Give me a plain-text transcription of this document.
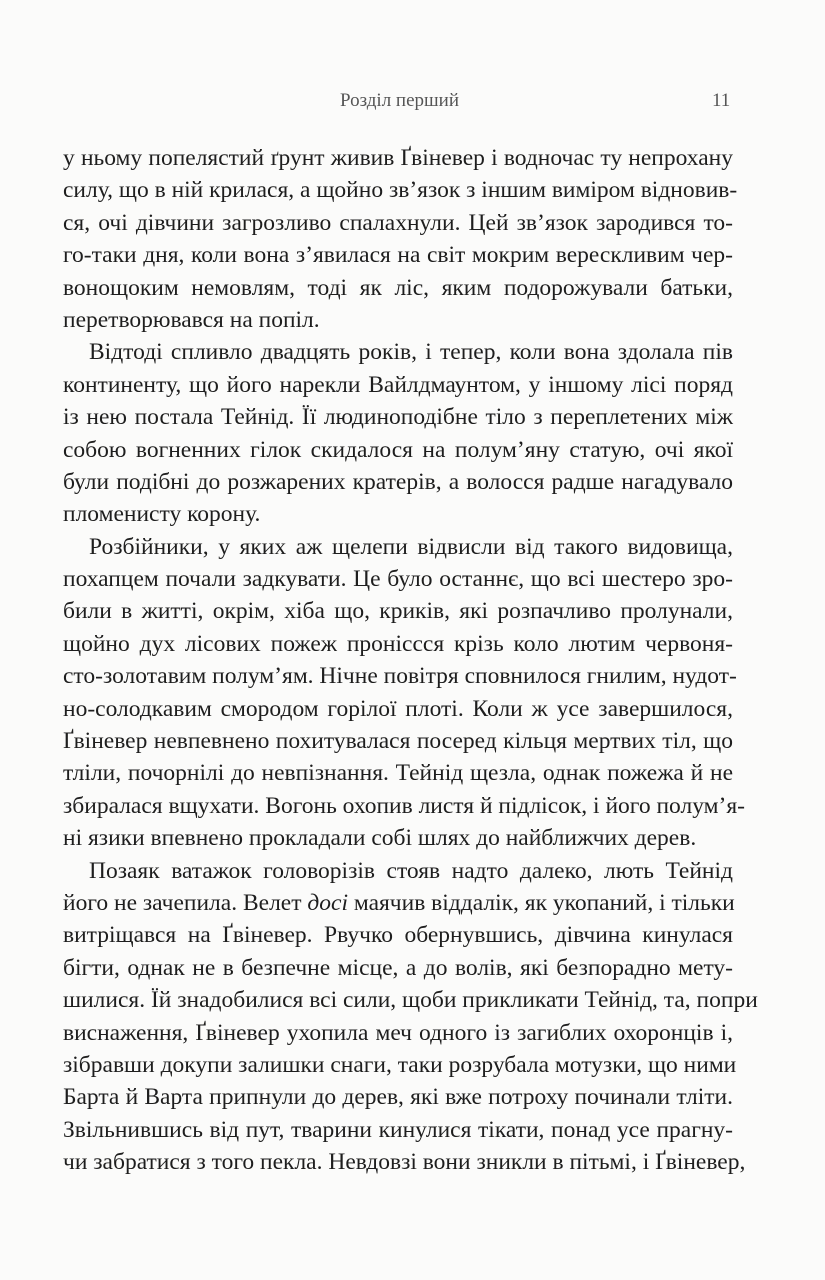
Розділ перший	11
у ньому попелястий ґрунт живив Ґвіневер і водночас ту непрохану
силу, що в ній крилася, а щойно зв’язок з іншим виміром відновив-
ся, очі дівчини загрозливо спалахнули. Цей зв’язок зародився то-
го-таки дня, коли вона з’явилася на світ мокрим верескливим чер-
вонощоким немовлям, тоді як ліс, яким подорожували батьки,
перетворювався на попіл.
Відтоді спливло двадцять років, і тепер, коли вона здолала пів
континенту, що його нарекли Вайлдмаунтом, у іншому лісі поряд
із нею постала Тейнід. Її людиноподібне тіло з переплетених між
собою вогненних гілок скидалося на полум’яну статую, очі якої
були подібні до розжарених кратерів, а волосся радше нагадувало
пломенисту корону.
Розбійники, у яких аж щелепи відвисли від такого видовища,
похапцем почали задкувати. Це було останнє, що всі шестеро зро-
били в житті, окрім, хіба що, криків, які розпачливо пролунали,
щойно дух лісових пожеж проніссся крізь коло лютим червоня-
сто-золотавим полум’ям. Нічне повітря сповнилося гнилим, нудот-
но-солодкавим смородом горілої плоті. Коли ж усе завершилося,
Ґвіневер невпевнено похитувалася посеред кільця мертвих тіл, що
тліли, почорнілі до невпізнання. Тейнід щезла, однак пожежа й не
збиралася вщухати. Вогонь охопив листя й підлісок, і його полум’я-
ні язики впевнено прокладали собі шлях до найближчих дерев.
Позаяк ватажок головорізів стояв надто далеко, лють Тейнід
його не зачепила. Велет досі маячив віддалік, як укопаний, і тільки
витріщався на Ґвіневер. Рвучко обернувшись, дівчина кинулася
бігти, однак не в безпечне місце, а до волів, які безпорадно мету-
шилися. Їй знадобилися всі сили, щоби прикликати Тейнід, та, попри
виснаження, Ґвіневер ухопила меч одного із загиблих охоронців і,
зібравши докупи залишки снаги, таки розрубала мотузки, що ними
Барта й Варта припнули до дерев, які вже потроху починали тліти.
Звільнившись від пут, тварини кинулися тікати, понад усе прагну-
чи забратися з того пекла. Невдовзі вони зникли в пітьмі, і Ґвіневер,
